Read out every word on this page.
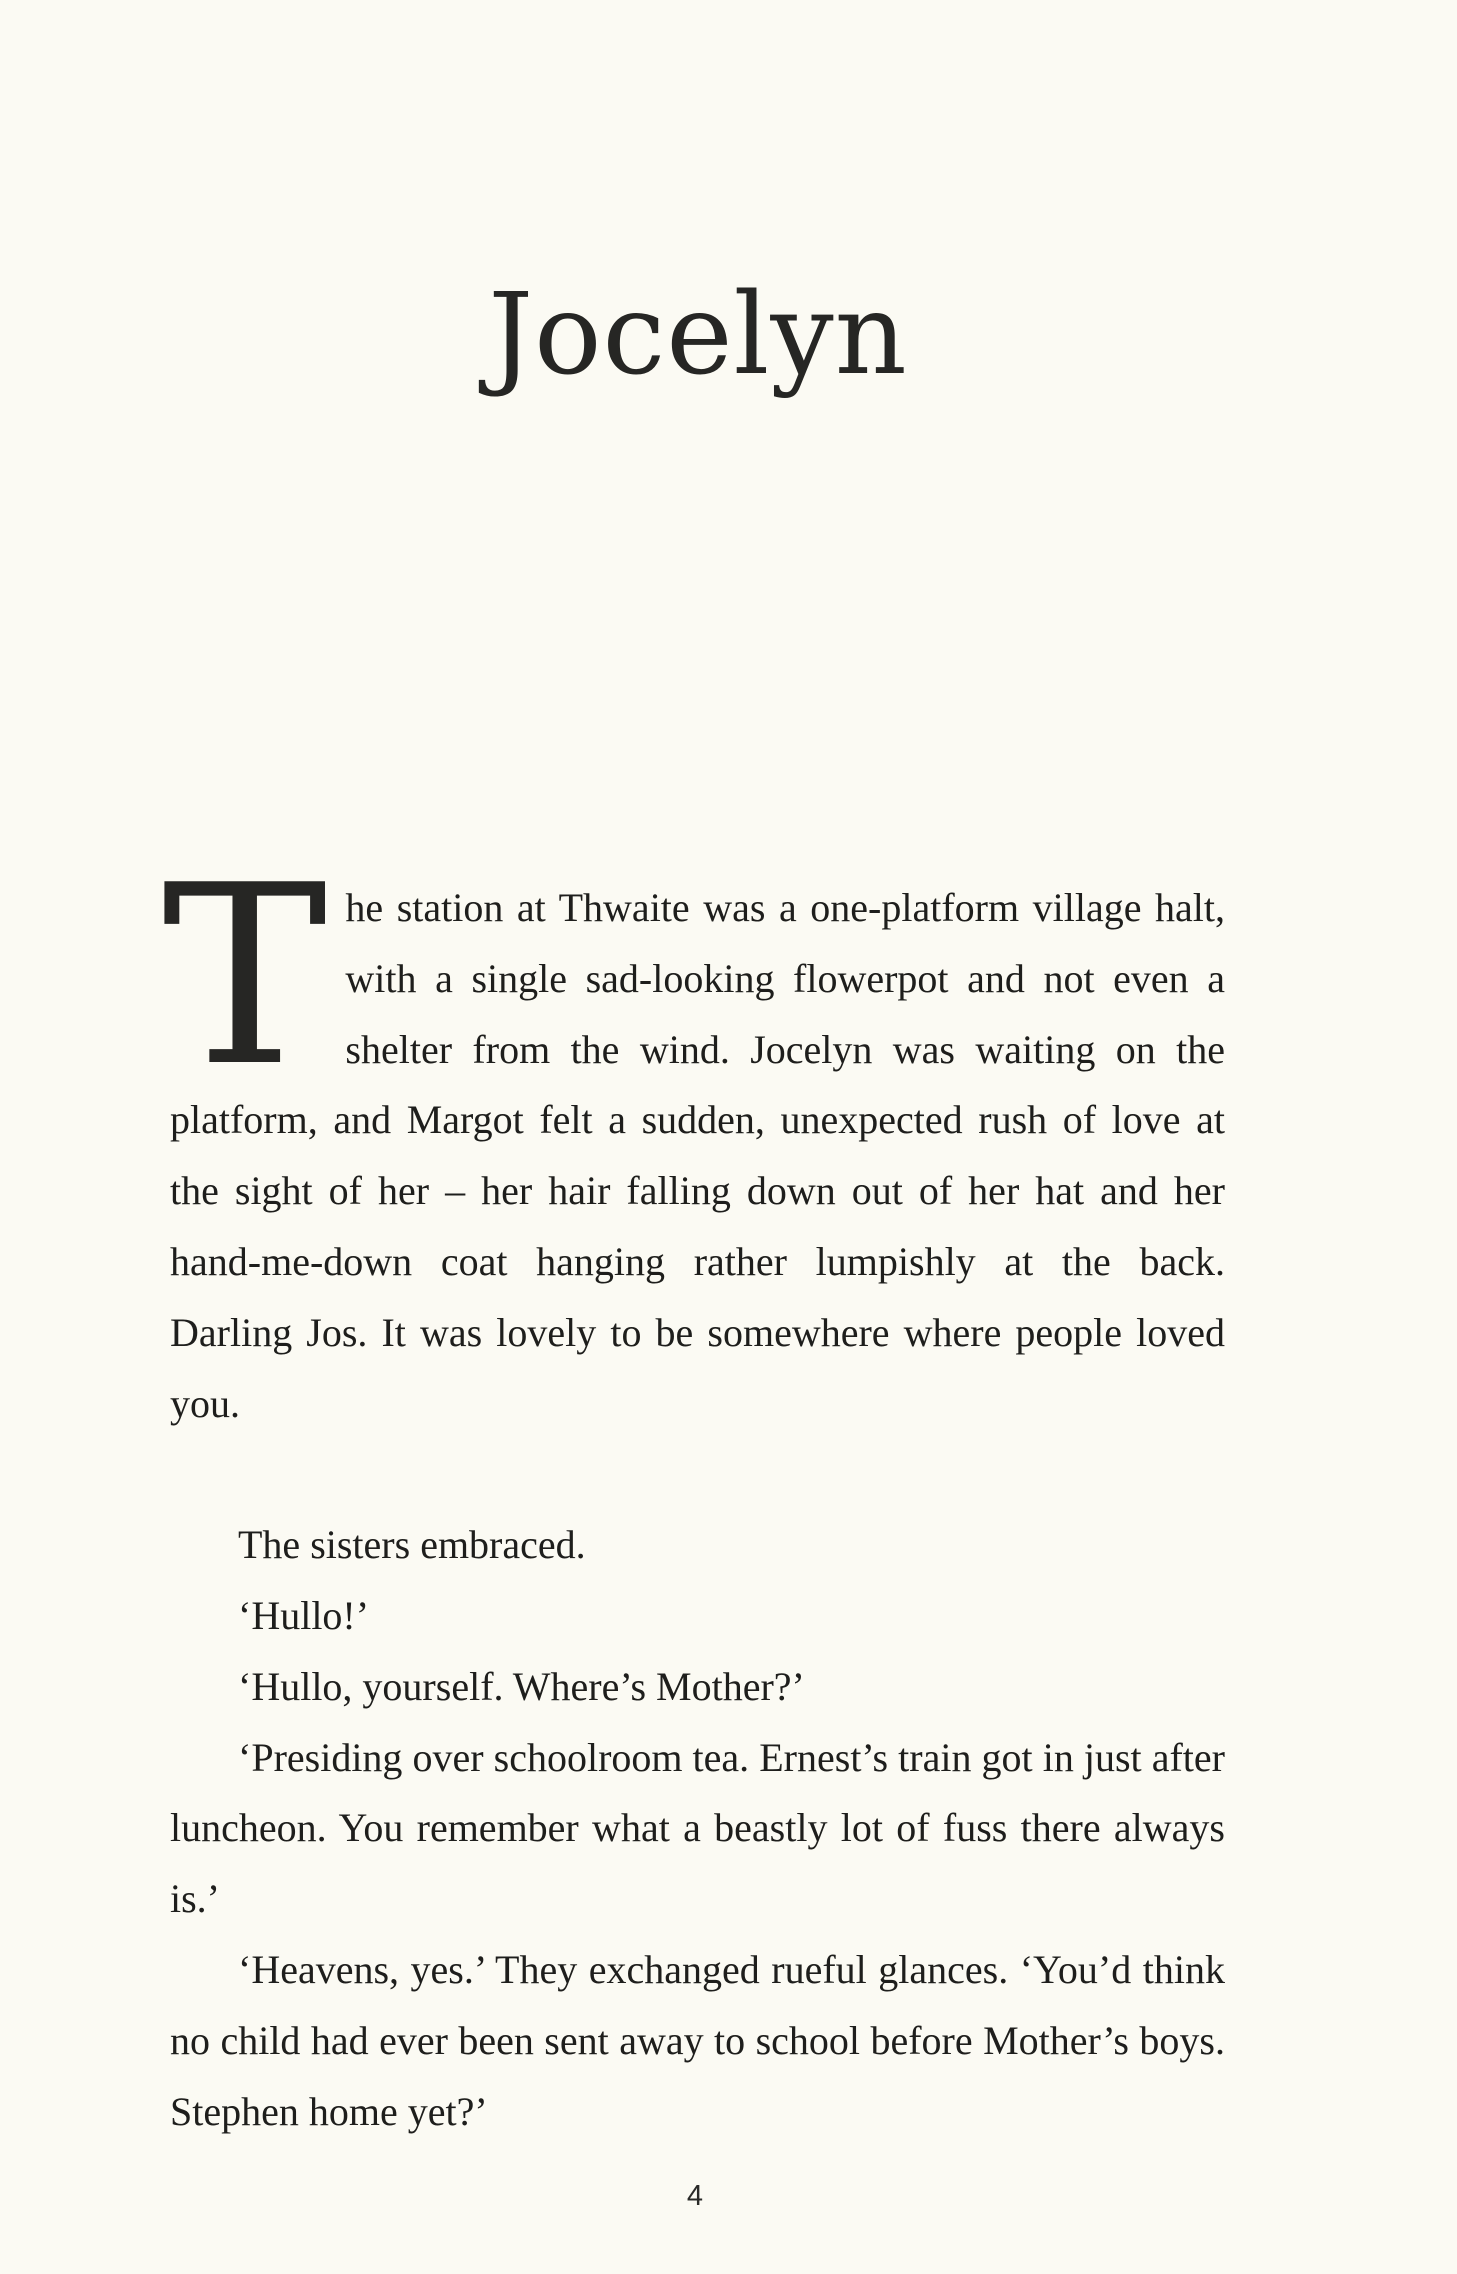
Jocelyn

The station at Thwaite was a one-platform village halt, with a single sad-looking flowerpot and not even a shelter from the wind. Jocelyn was waiting on the platform, and Margot felt a sudden, unexpected rush of love at the sight of her – her hair falling down out of her hat and her hand-me-down coat hanging rather lumpishly at the back. Darling Jos. It was lovely to be somewhere where people loved you.

The sisters embraced.

‘Hullo!’

‘Hullo, yourself. Where’s Mother?’

‘Presiding over schoolroom tea. Ernest’s train got in just after luncheon. You remember what a beastly lot of fuss there always is.’

‘Heavens, yes.’ They exchanged rueful glances. ‘You’d think no child had ever been sent away to school before Mother’s boys. Stephen home yet?’

4
